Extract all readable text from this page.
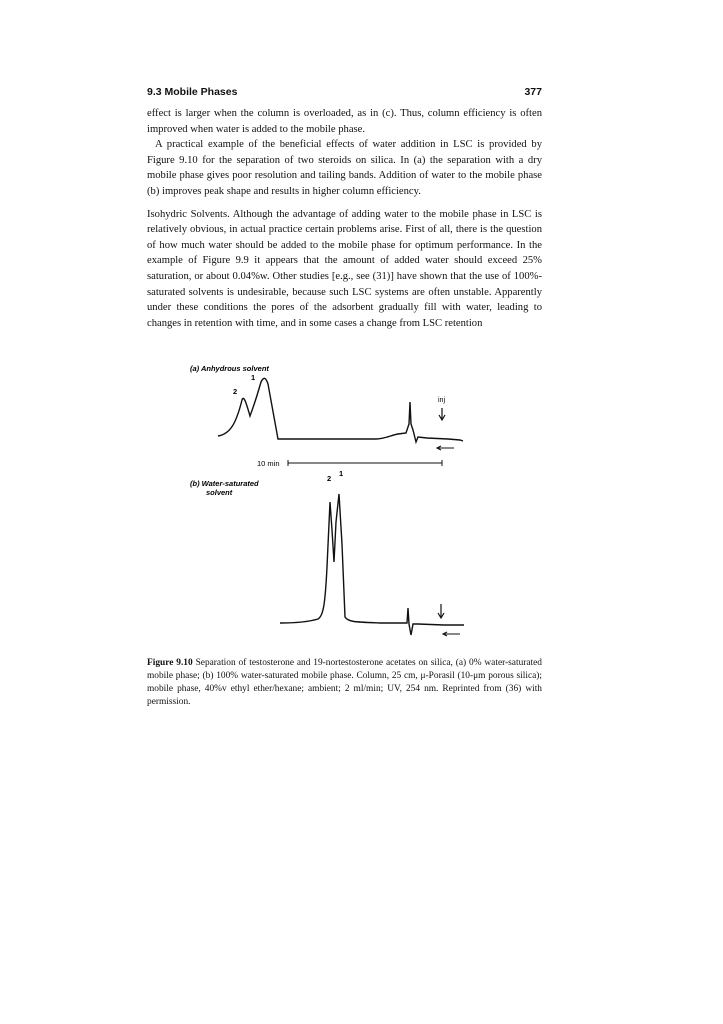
9.3 Mobile Phases	377

effect is larger when the column is overloaded, as in (c). Thus, column efficiency is often improved when water is added to the mobile phase.

A practical example of the beneficial effects of water addition in LSC is provided by Figure 9.10 for the separation of two steroids on silica. In (a) the separation with a dry mobile phase gives poor resolution and tailing bands. Addition of water to the mobile phase (b) improves peak shape and results in higher column efficiency.

Isohydric Solvents. Although the advantage of adding water to the mobile phase in LSC is relatively obvious, in actual practice certain problems arise. First of all, there is the question of how much water should be added to the mobile phase for optimum performance. In the example of Figure 9.9 it appears that the amount of added water should exceed 25% saturation, or about 0.04%w. Other studies [e.g., see (31)] have shown that the use of 100%-saturated solvents is undesirable, because such LSC systems are often unstable. Apparently under these conditions the pores of the adsorbent gradually fill with water, leading to changes in retention with time, and in some cases a change from LSC retention

(a) Anhydrous solvent
1
2
inj
10 min
(b) Water-saturated
solvent
2
1
Figure 9.10 Separation of testosterone and 19-nortestosterone acetates on silica, (a) 0% water-saturated mobile phase; (b) 100% water-saturated mobile phase. Column, 25 cm, μ-Porasil (10-μm porous silica); mobile phase, 40%v ethyl ether/hexane; ambient; 2 ml/min; UV, 254 nm. Reprinted from (36) with permission.
